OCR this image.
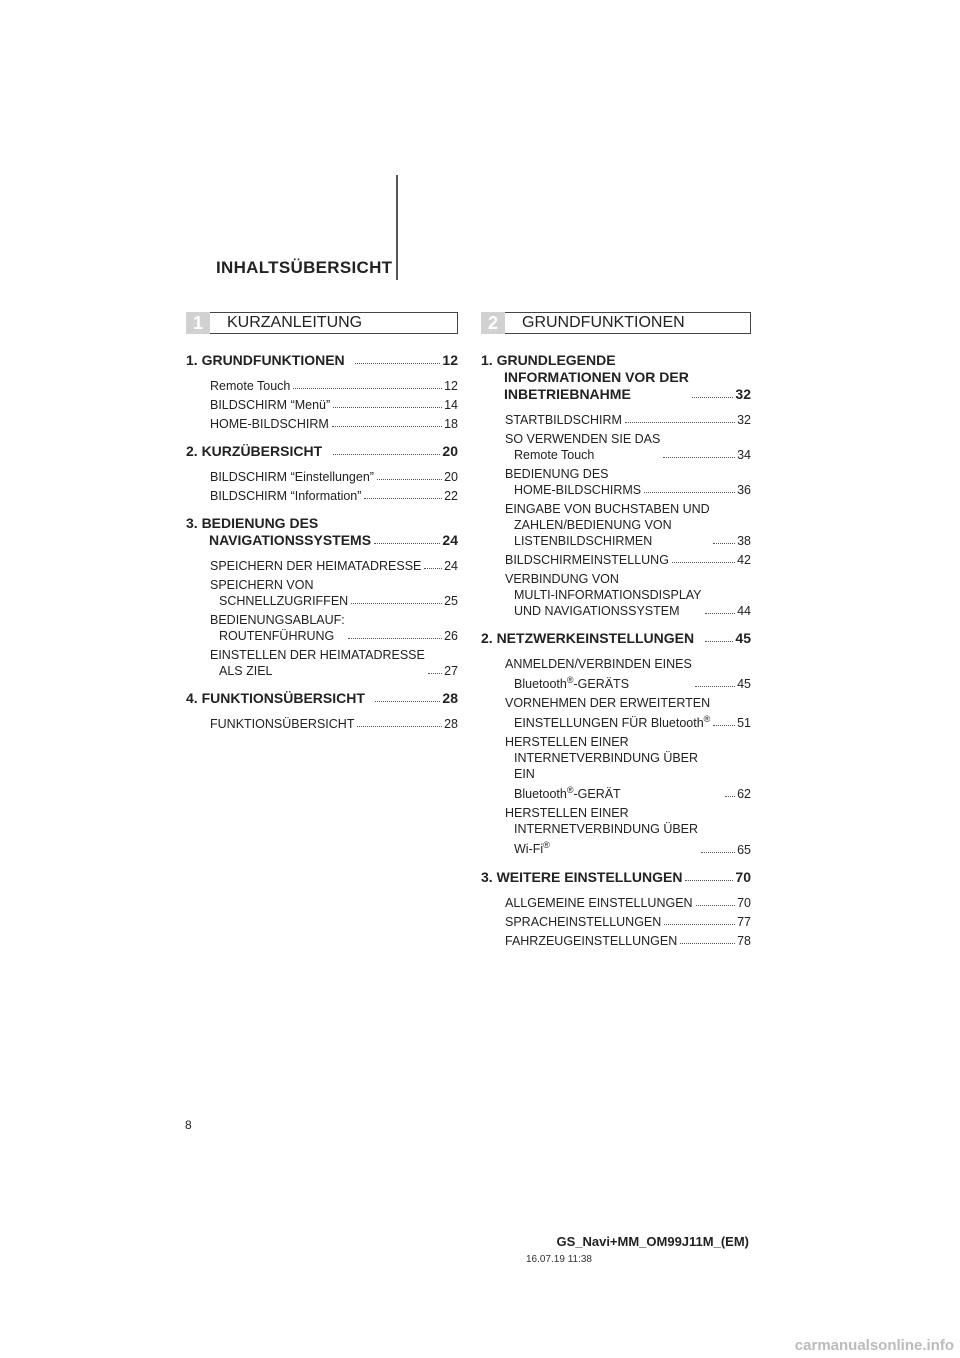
INHALTSÜBERSICHT
1	KURZANLEITUNG
1. GRUNDFUNKTIONEN	12
Remote Touch	12
BILDSCHIRM “Menü”	14
HOME-BILDSCHIRM	18
2. KURZÜBERSICHT	20
BILDSCHIRM “Einstellungen”	20
BILDSCHIRM “Information”	22
3. BEDIENUNG DES
NAVIGATIONSSYSTEMS	24
SPEICHERN DER HEIMATADRESSE 24
SPEICHERN VON
SCHNELLZUGRIFFEN	25
BEDIENUNGSABLAUF:
ROUTENFÜHRUNG	26
EINSTELLEN DER HEIMATADRESSE
ALS ZIEL	27
4. FUNKTIONSÜBERSICHT	28
FUNKTIONSÜBERSICHT	28
2	GRUNDFUNKTIONEN
1. GRUNDLEGENDE
INFORMATIONEN VOR DER
INBETRIEBNAHME	32
STARTBILDSCHIRM	32
SO VERWENDEN SIE DAS
Remote Touch	34
BEDIENUNG DES
HOME-BILDSCHIRMS	36
EINGABE VON BUCHSTABEN UND
ZAHLEN/BEDIENUNG VON
LISTENBILDSCHIRMEN	38
BILDSCHIRMEINSTELLUNG	42
VERBINDUNG VON
MULTI-INFORMATIONSDISPLAY
UND NAVIGATIONSSYSTEM	44
2. NETZWERKEINSTELLUNGEN	45
ANMELDEN/VERBINDEN EINES
Bluetooth®-GERÄTS	45
VORNEHMEN DER ERWEITERTEN
EINSTELLUNGEN FÜR Bluetooth® 51
HERSTELLEN EINER
INTERNETVERBINDUNG ÜBER EIN
Bluetooth®-GERÄT	62
HERSTELLEN EINER
INTERNETVERBINDUNG ÜBER
Wi-Fi®	65
3. WEITERE EINSTELLUNGEN	70
ALLGEMEINE EINSTELLUNGEN	70
SPRACHEINSTELLUNGEN	77
FAHRZEUGEINSTELLUNGEN	78
8
GS_Navi+MM_OM99J11M_(EM)
16.07.19 11:38
carmanualsonline.info
